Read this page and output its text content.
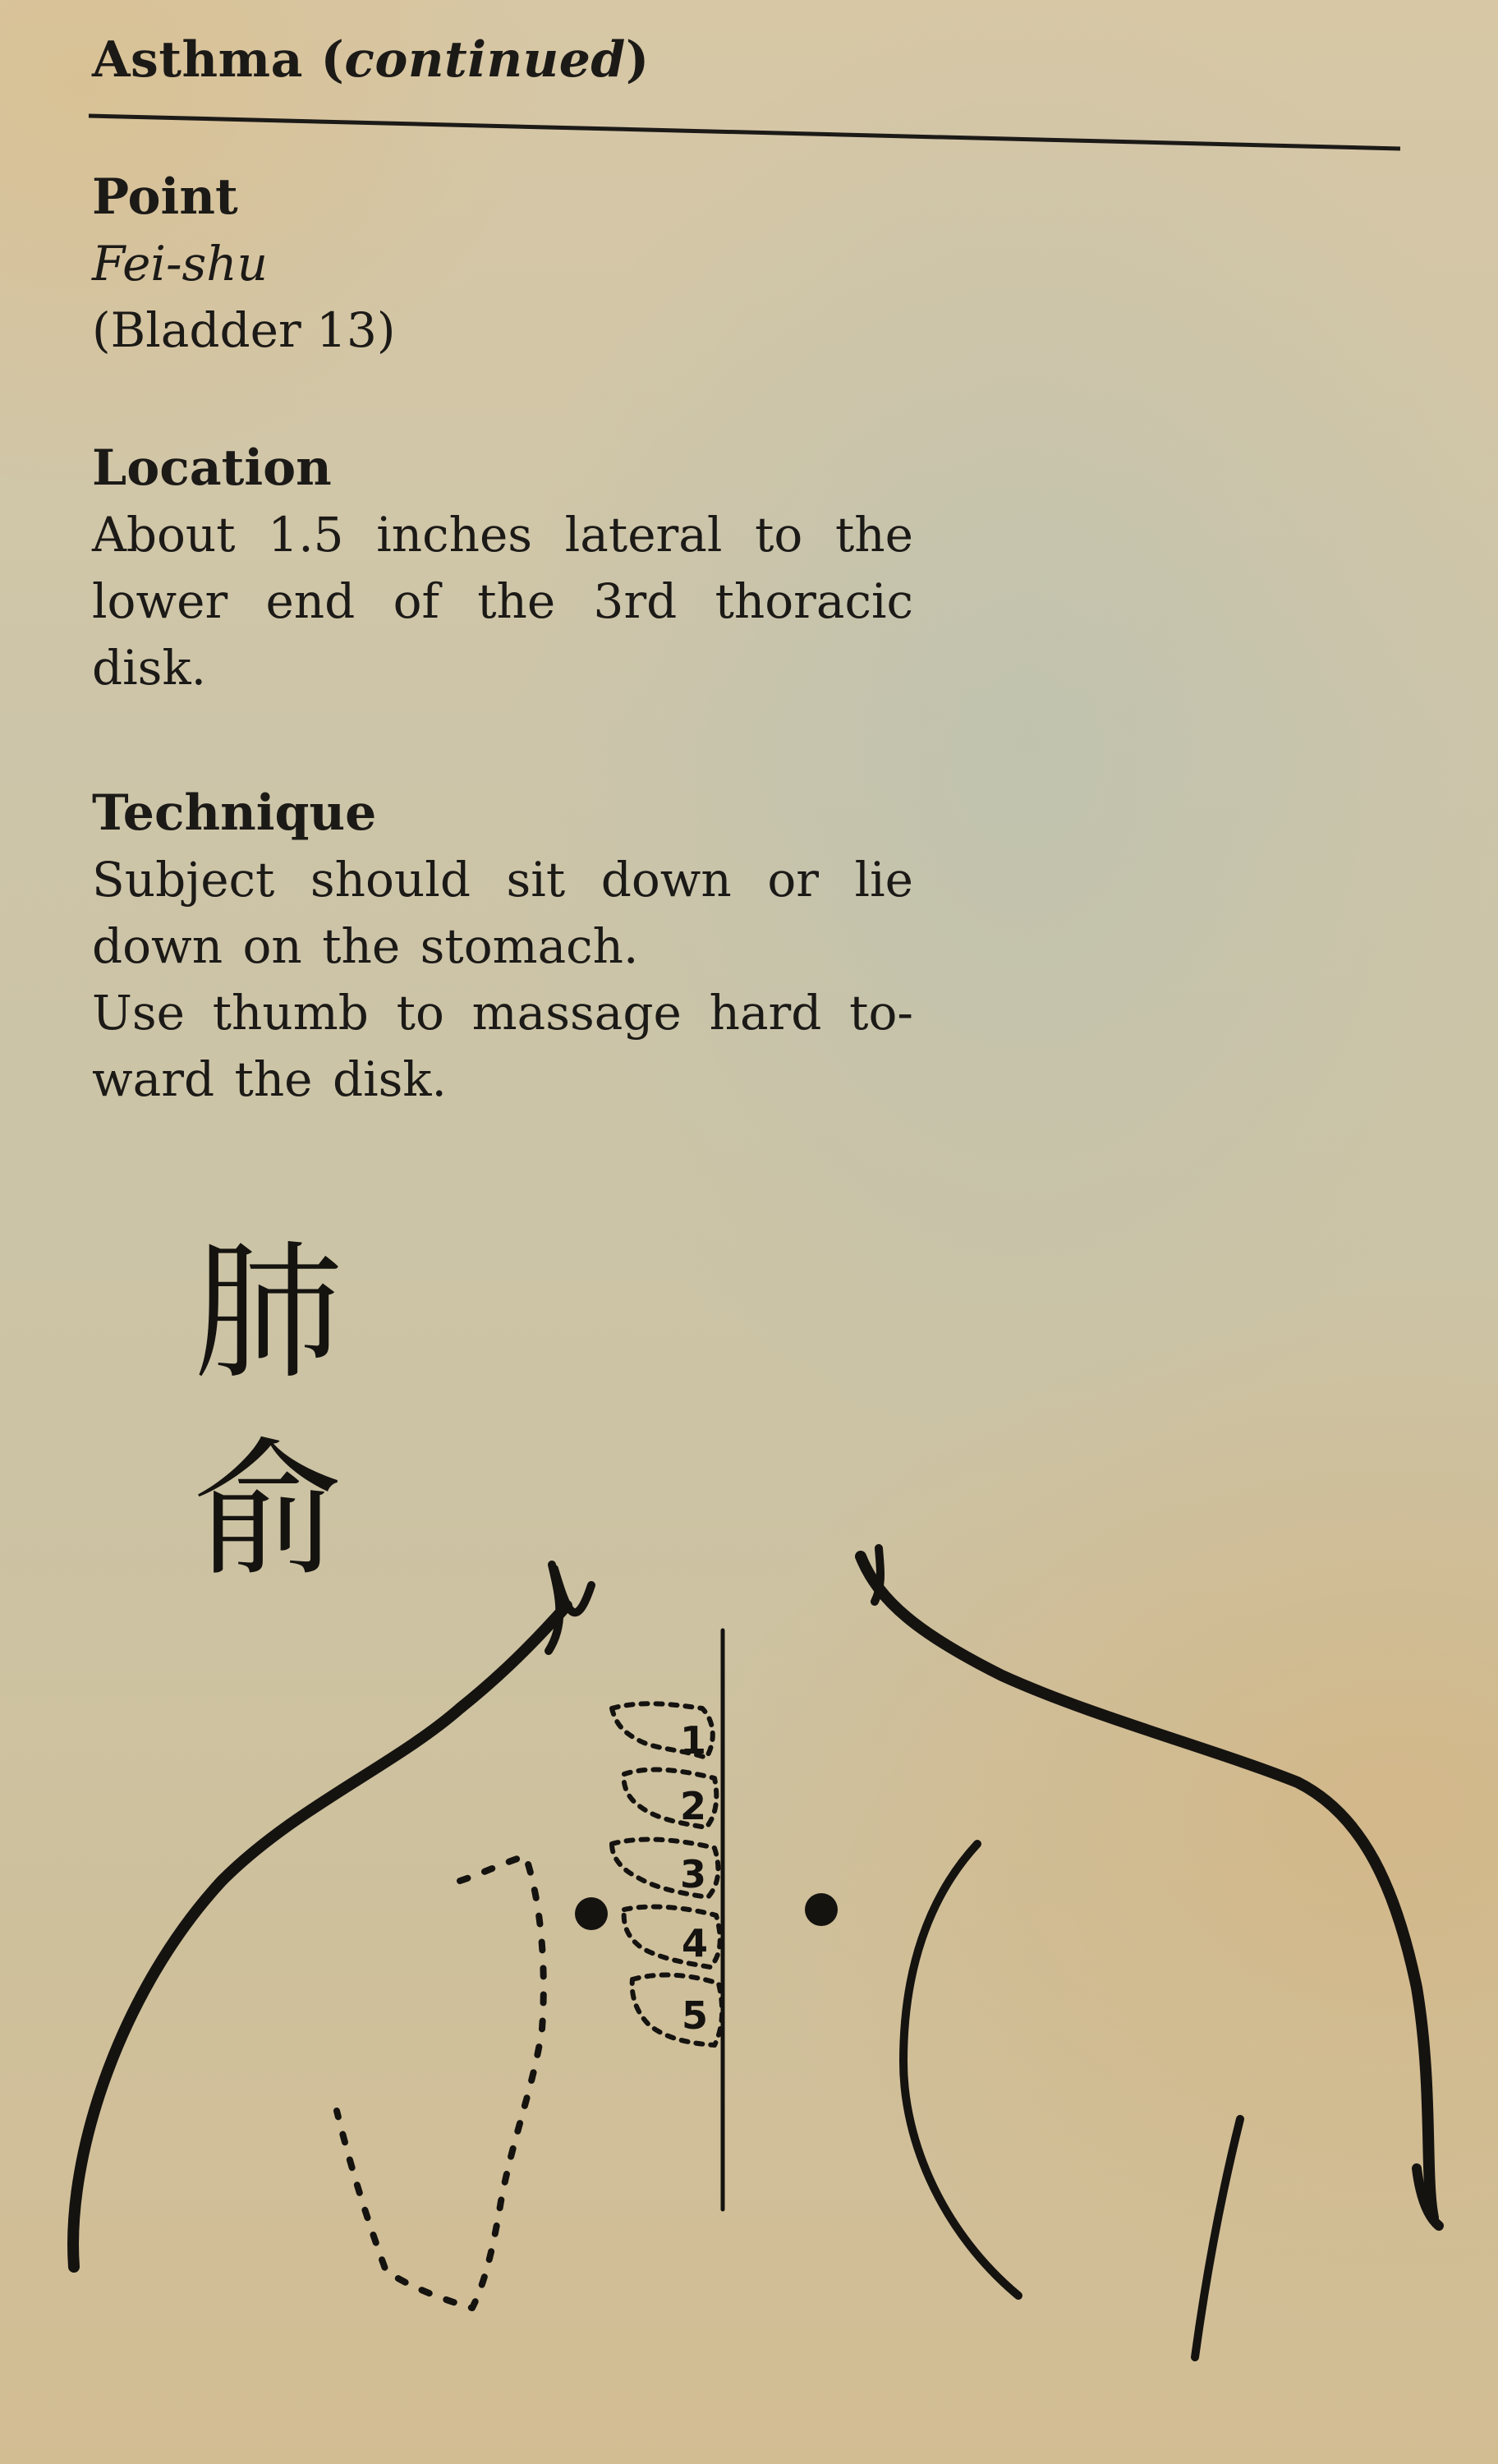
Asthma (continued)
Point
Fei-shu
(Bladder 13)
Location
About 1.5 inches lateral to the
lower end of the 3rd thoracic
disk.
Technique
Subject should sit down or lie
down on the stomach.
Use thumb to massage hard to-
ward the disk.
肺
俞
1
2
3
4
5
